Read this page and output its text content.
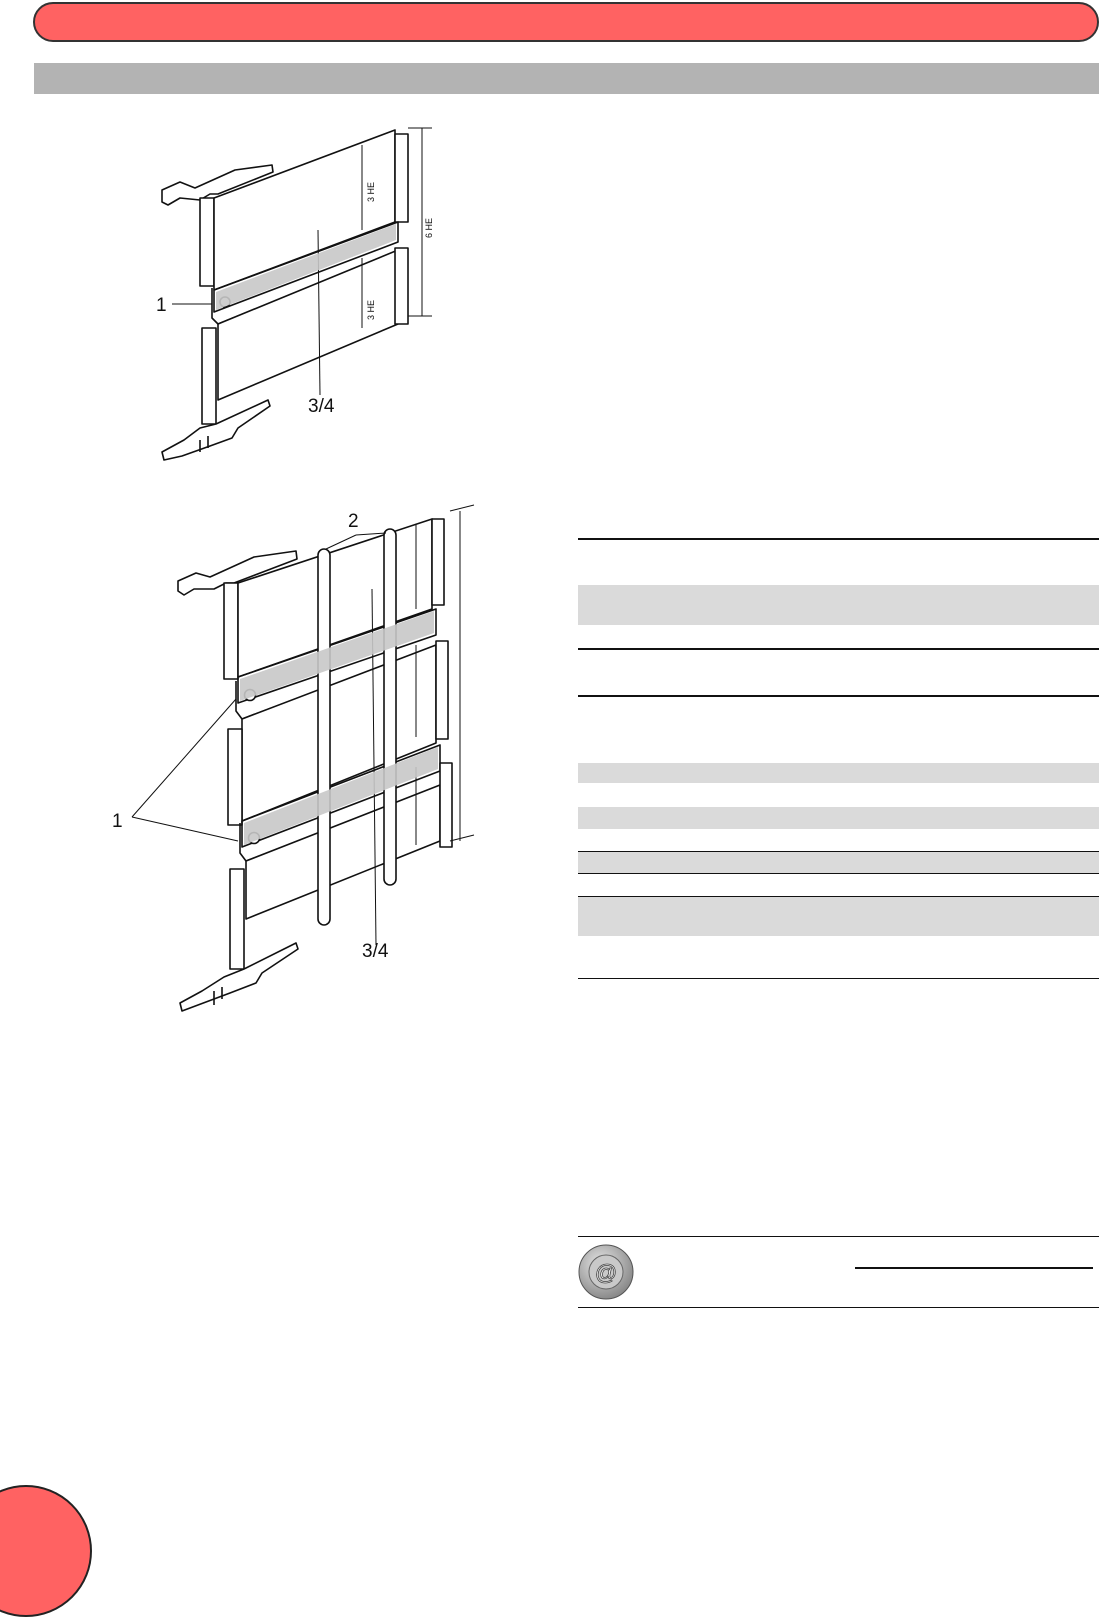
1
3/4
3 HE
3 HE
6 HE
2
1
3/4
@
